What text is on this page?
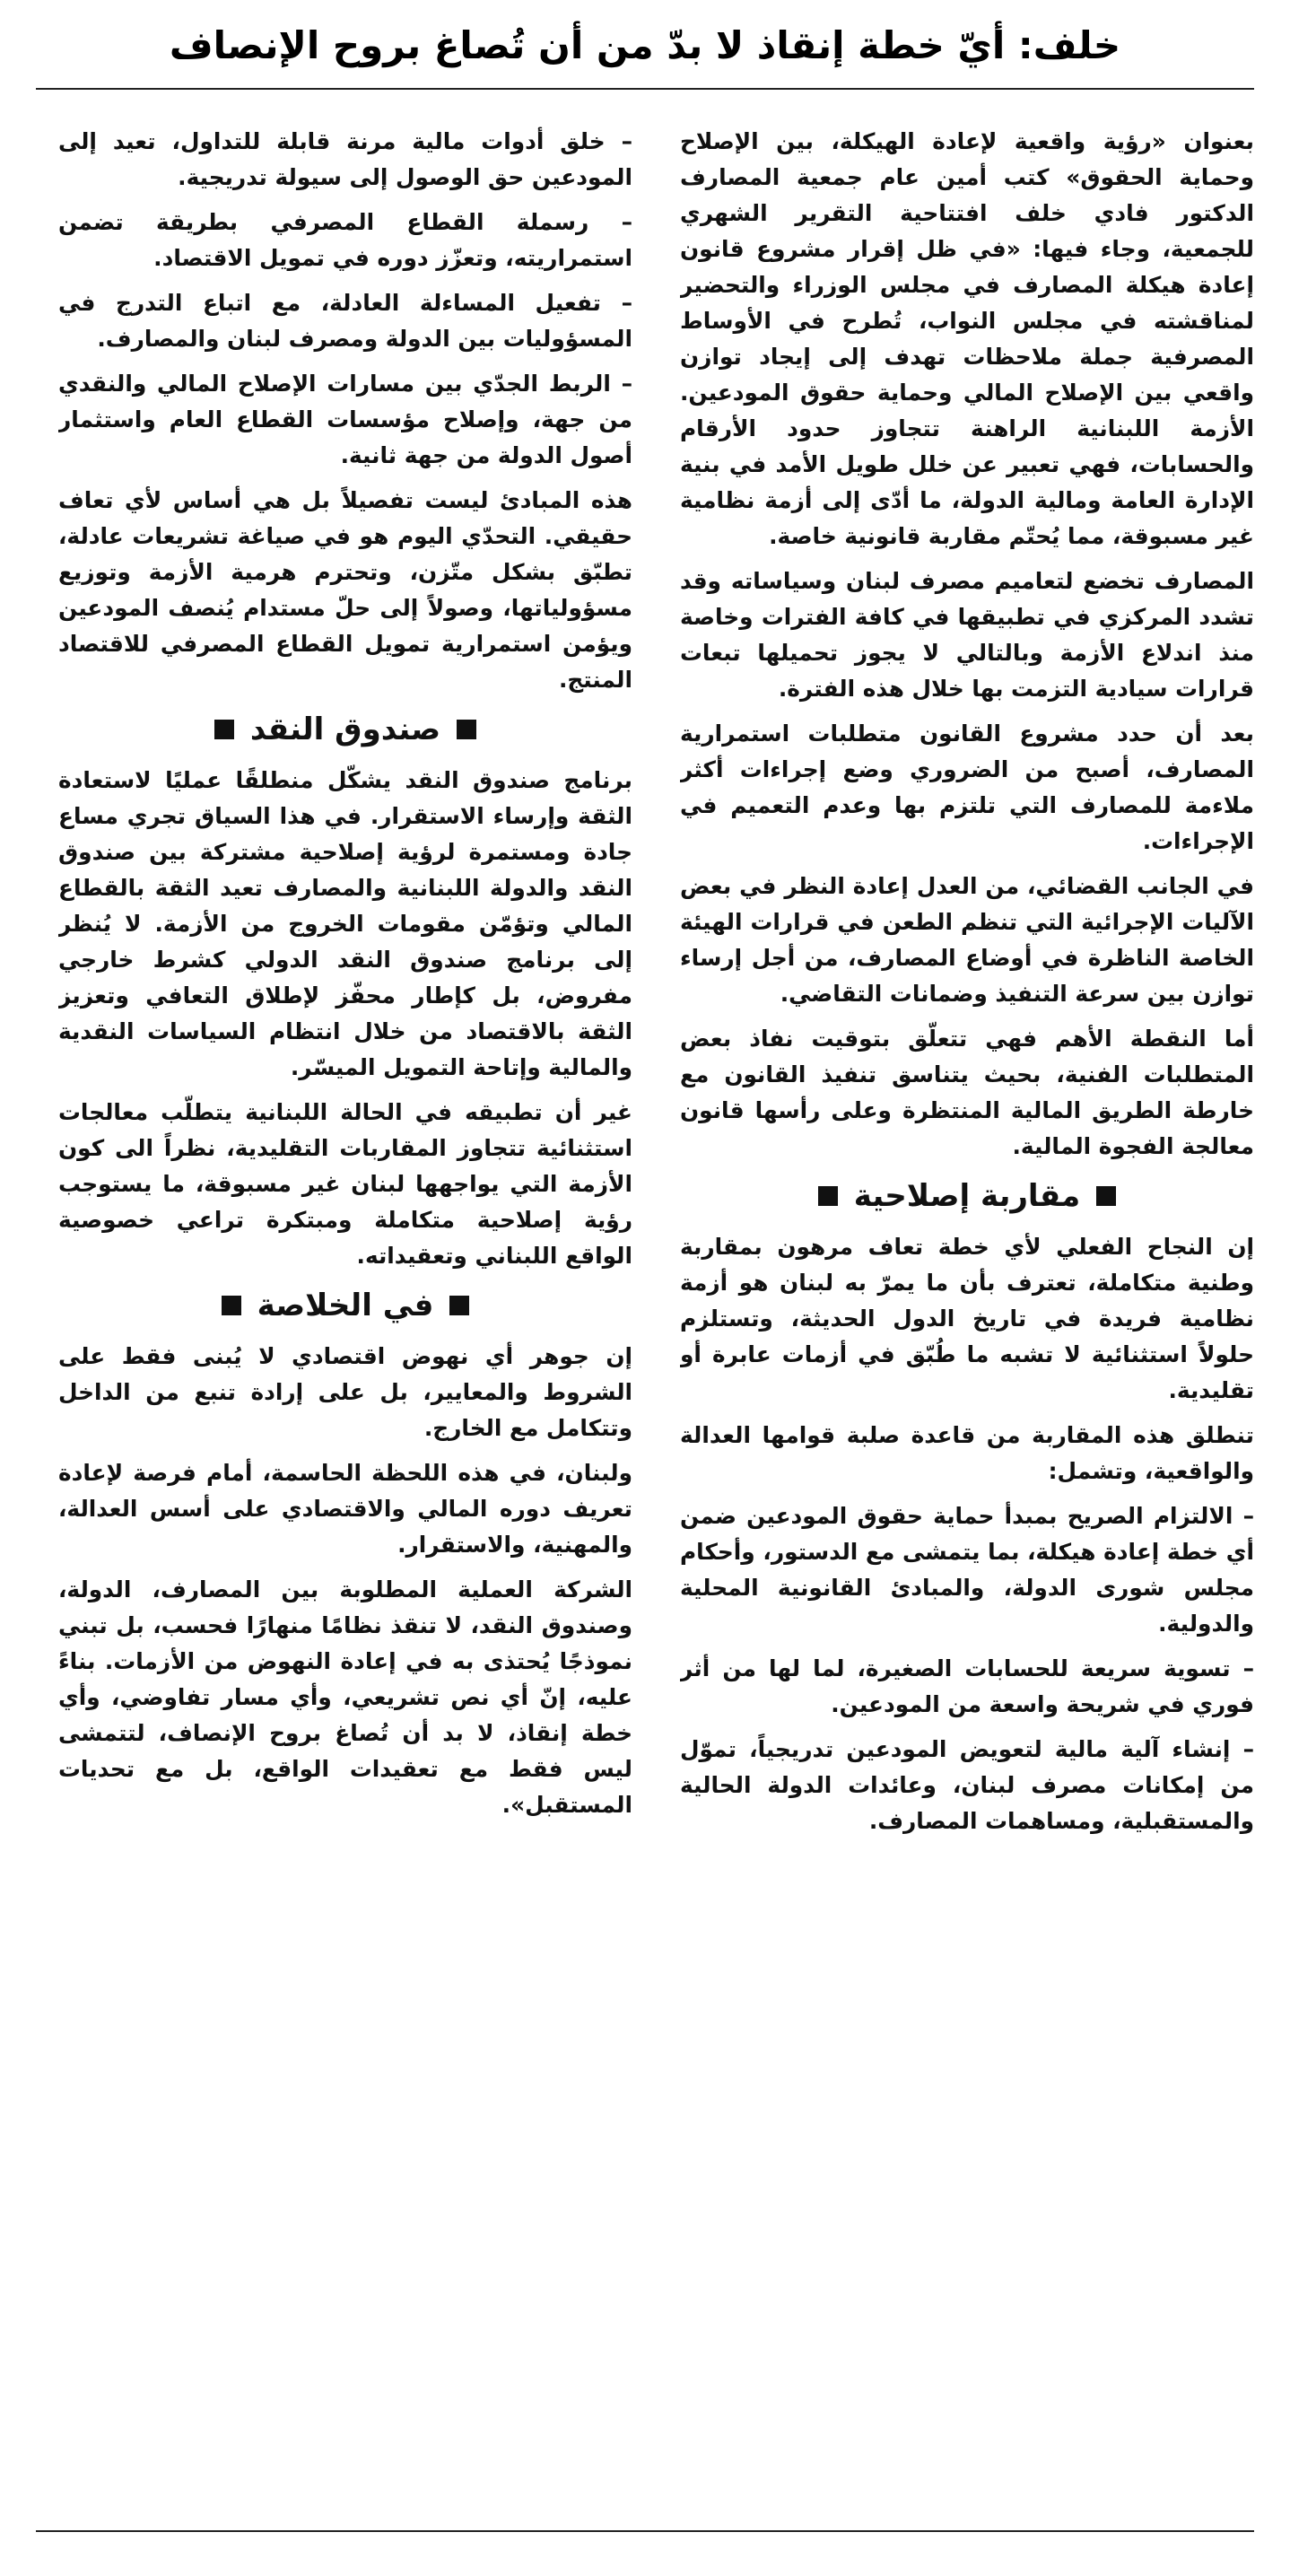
خلف: أيّ خطة إنقاذ لا بدّ من أن تُصاغ بروح الإنصاف

بعنوان «رؤية واقعية لإعادة الهيكلة، بين الإصلاح وحماية الحقوق» كتب أمين عام جمعية المصارف الدكتور فادي خلف افتتاحية التقرير الشهري للجمعية، وجاء فيها: «في ظل إقرار مشروع قانون إعادة هيكلة المصارف في مجلس الوزراء والتحضير لمناقشته في مجلس النواب، تُطرح في الأوساط المصرفية جملة ملاحظات تهدف إلى إيجاد توازن واقعي بين الإصلاح المالي وحماية حقوق المودعين. الأزمة اللبنانية الراهنة تتجاوز حدود الأرقام والحسابات، فهي تعبير عن خلل طويل الأمد في بنية الإدارة العامة ومالية الدولة، ما أدّى إلى أزمة نظامية غير مسبوقة، مما يُحتّم مقاربة قانونية خاصة.

المصارف تخضع لتعاميم مصرف لبنان وسياساته وقد تشدد المركزي في تطبيقها في كافة الفترات وخاصة منذ اندلاع الأزمة وبالتالي لا يجوز تحميلها تبعات قرارات سيادية التزمت بها خلال هذه الفترة.

بعد أن حدد مشروع القانون متطلبات استمرارية المصارف، أصبح من الضروري وضع إجراءات أكثر ملاءمة للمصارف التي تلتزم بها وعدم التعميم في الإجراءات.

في الجانب القضائي، من العدل إعادة النظر في بعض الآليات الإجرائية التي تنظم الطعن في قرارات الهيئة الخاصة الناظرة في أوضاع المصارف، من أجل إرساء توازن بين سرعة التنفيذ وضمانات التقاضي.

أما النقطة الأهم فهي تتعلّق بتوقيت نفاذ بعض المتطلبات الفنية، بحيث يتناسق تنفيذ القانون مع خارطة الطريق المالية المنتظرة وعلى رأسها قانون معالجة الفجوة المالية.

مقاربة إصلاحية

إن النجاح الفعلي لأي خطة تعاف مرهون بمقاربة وطنية متكاملة، تعترف بأن ما يمرّ به لبنان هو أزمة نظامية فريدة في تاريخ الدول الحديثة، وتستلزم حلولاً استثنائية لا تشبه ما طُبّق في أزمات عابرة أو تقليدية.

تنطلق هذه المقاربة من قاعدة صلبة قوامها العدالة والواقعية، وتشمل:

– الالتزام الصريح بمبدأ حماية حقوق المودعين ضمن أي خطة إعادة هيكلة، بما يتمشى مع الدستور، وأحكام مجلس شورى الدولة، والمبادئ القانونية المحلية والدولية.

– تسوية سريعة للحسابات الصغيرة، لما لها من أثر فوري في شريحة واسعة من المودعين.

– إنشاء آلية مالية لتعويض المودعين تدريجياً، تموّل من إمكانات مصرف لبنان، وعائدات الدولة الحالية والمستقبلية، ومساهمات المصارف.

– خلق أدوات مالية مرنة قابلة للتداول، تعيد إلى المودعين حق الوصول إلى سيولة تدريجية.

– رسملة القطاع المصرفي بطريقة تضمن استمراريته، وتعزّز دوره في تمويل الاقتصاد.

– تفعيل المساءلة العادلة، مع اتباع التدرج في المسؤوليات بين الدولة ومصرف لبنان والمصارف.

– الربط الجدّي بين مسارات الإصلاح المالي والنقدي من جهة، وإصلاح مؤسسات القطاع العام واستثمار أصول الدولة من جهة ثانية.

هذه المبادئ ليست تفصيلاً بل هي أساس لأي تعاف حقيقي. التحدّي اليوم هو في صياغة تشريعات عادلة، تطبّق بشكل متّزن، وتحترم هرمية الأزمة وتوزيع مسؤولياتها، وصولاً إلى حلّ مستدام يُنصف المودعين ويؤمن استمرارية تمويل القطاع المصرفي للاقتصاد المنتج.

صندوق النقد

برنامج صندوق النقد يشكّل منطلقًا عمليًا لاستعادة الثقة وإرساء الاستقرار. في هذا السياق تجري مساع جادة ومستمرة لرؤية إصلاحية مشتركة بين صندوق النقد والدولة اللبنانية والمصارف تعيد الثقة بالقطاع المالي وتؤمّن مقومات الخروج من الأزمة. لا يُنظر إلى برنامج صندوق النقد الدولي كشرط خارجي مفروض، بل كإطار محفّز لإطلاق التعافي وتعزيز الثقة بالاقتصاد من خلال انتظام السياسات النقدية والمالية وإتاحة التمويل الميسّر.

غير أن تطبيقه في الحالة اللبنانية يتطلّب معالجات استثنائية تتجاوز المقاربات التقليدية، نظراً الى كون الأزمة التي يواجهها لبنان غير مسبوقة، ما يستوجب رؤية إصلاحية متكاملة ومبتكرة تراعي خصوصية الواقع اللبناني وتعقيداته.

في الخلاصة

إن جوهر أي نهوض اقتصادي لا يُبنى فقط على الشروط والمعايير، بل على إرادة تنبع من الداخل وتتكامل مع الخارج.

ولبنان، في هذه اللحظة الحاسمة، أمام فرصة لإعادة تعريف دوره المالي والاقتصادي على أسس العدالة، والمهنية، والاستقرار.

الشركة العملية المطلوبة بين المصارف، الدولة، وصندوق النقد، لا تنقذ نظامًا منهارًا فحسب، بل تبني نموذجًا يُحتذى به في إعادة النهوض من الأزمات. بناءً عليه، إنّ أي نص تشريعي، وأي مسار تفاوضي، وأي خطة إنقاذ، لا بد أن تُصاغ بروح الإنصاف، لتتمشى ليس فقط مع تعقيدات الواقع، بل مع تحديات المستقبل».
